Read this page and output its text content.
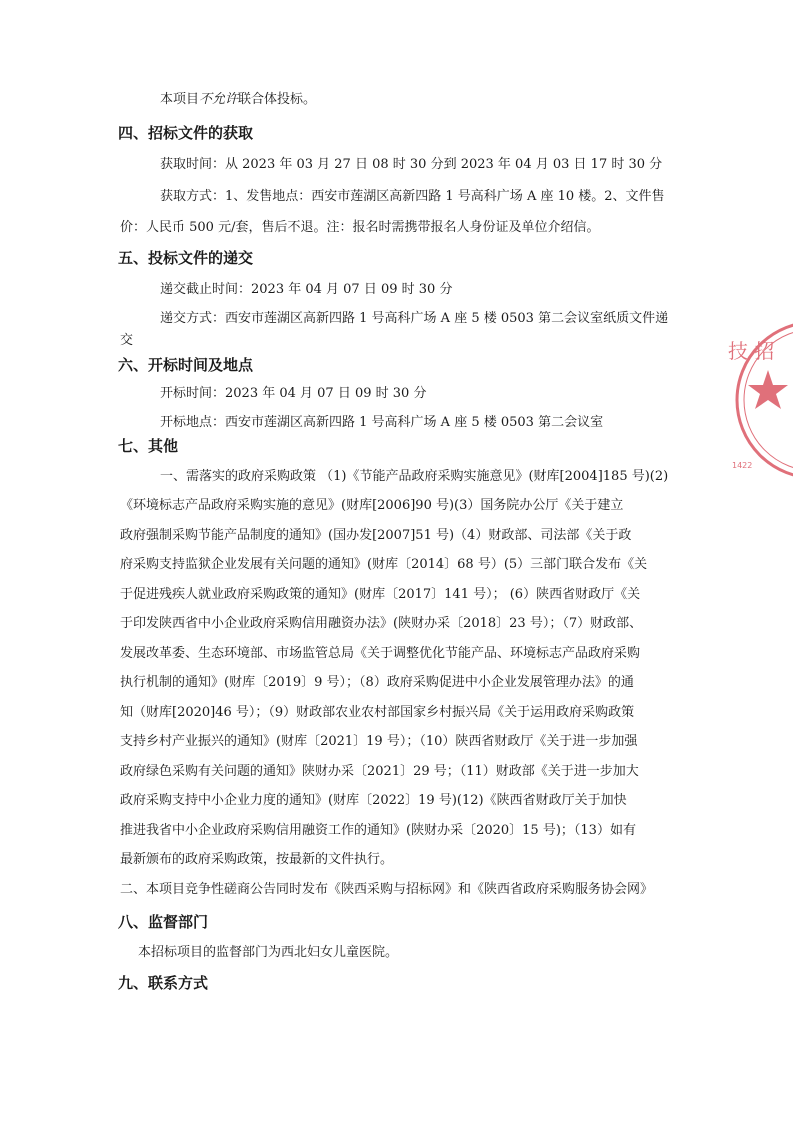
本项目不允许联合体投标。
四、招标文件的获取
获取时间：从 2023 年 03 月 27 日 08 时 30 分到 2023 年 04 月 03 日 17 时 30 分
获取方式：1、发售地点：西安市莲湖区高新四路 1 号高科广场 A 座 10 楼。2、文件售
价：人民币 500 元/套，售后不退。注：报名时需携带报名人身份证及单位介绍信。
五、投标文件的递交
递交截止时间：2023 年 04 月 07 日 09 时 30 分
递交方式：西安市莲湖区高新四路 1 号高科广场 A 座 5 楼 0503 第二会议室纸质文件递
交
六、开标时间及地点
开标时间：2023 年 04 月 07 日 09 时 30 分
开标地点：西安市莲湖区高新四路 1 号高科广场 A 座 5 楼 0503 第二会议室
七、其他
一、需落实的政府采购政策 （1)《节能产品政府采购实施意见》(财库[2004]185 号)(2)
《环境标志产品政府采购实施的意见》(财库[2006]90 号)(3）国务院办公厅《关于建立
政府强制采购节能产品制度的通知》(国办发[2007]51 号)（4）财政部、司法部《关于政
府采购支持监狱企业发展有关问题的通知》(财库〔2014〕68 号）(5）三部门联合发布《关
于促进残疾人就业政府采购政策的通知》(财库〔2017〕141 号）； (6）陕西省财政厅《关
于印发陕西省中小企业政府采购信用融资办法》(陕财办采〔2018〕23 号）；（7）财政部、
发展改革委、生态环境部、市场监管总局《关于调整优化节能产品、环境标志产品政府采购
执行机制的通知》(财库〔2019〕9 号）；（8）政府采购促进中小企业发展管理办法》的通
知（财库[2020]46 号）；（9）财政部农业农村部国家乡村振兴局《关于运用政府采购政策
支持乡村产业振兴的通知》(财库〔2021〕19 号）；（10）陕西省财政厅《关于进一步加强
政府绿色采购有关问题的通知》陕财办采〔2021〕29 号；（11）财政部《关于进一步加大
政府采购支持中小企业力度的通知》(财库〔2022〕19 号)(12)《陕西省财政厅关于加快
推进我省中小企业政府采购信用融资工作的通知》(陕财办采〔2020〕15 号)；（13）如有
最新颁布的政府采购政策，按最新的文件执行。
二、本项目竞争性磋商公告同时发布《陕西采购与招标网》和《陕西省政府采购服务协会网》
八、监督部门
本招标项目的监督部门为西北妇女儿童医院。
九、联系方式
技 招
1422
